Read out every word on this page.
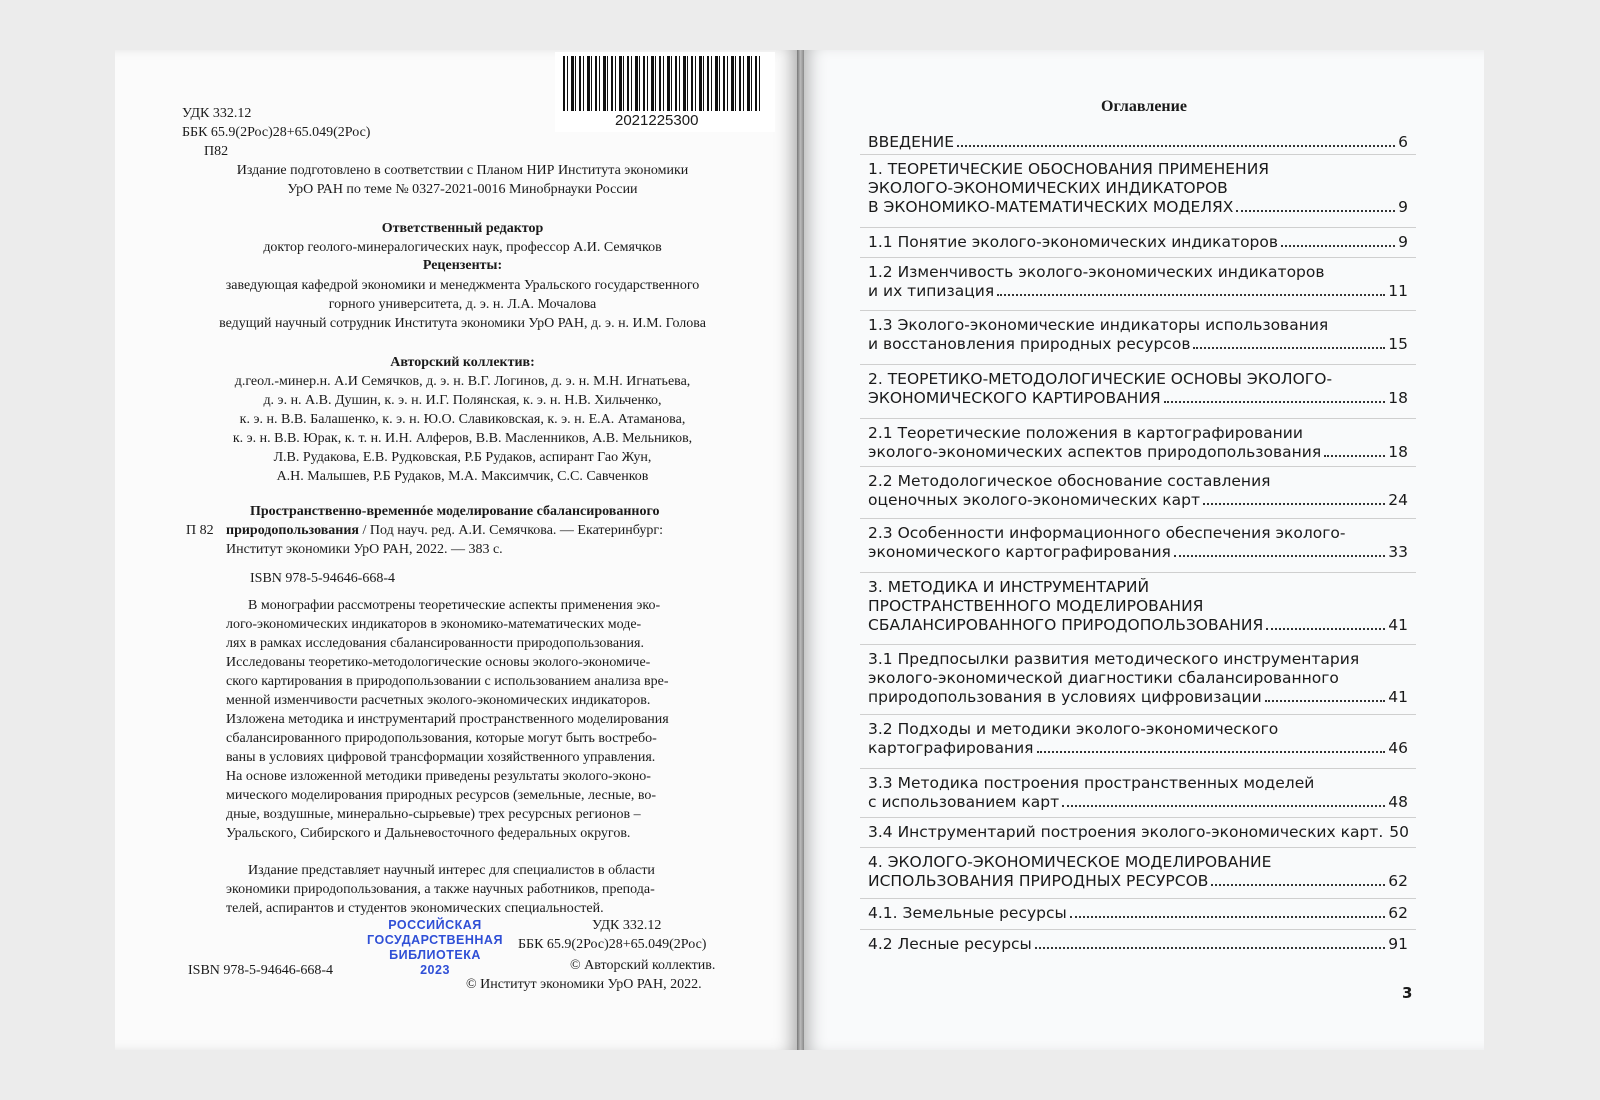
2021225300
УДК 332.12
ББК 65.9(2Рос)28+65.049(2Рос)
П82
Издание подготовлено в соответствии с Планом НИР Института экономики
УрО РАН по теме № 0327-2021-0016 Минобрнауки России
Ответственный редактор
доктор геолого-минералогических наук, профессор А.И. Семячков
Рецензенты:
заведующая кафедрой экономики и менеджмента Уральского государственного
горного университета, д. э. н. Л.А. Мочалова
ведущий научный сотрудник Института экономики УрО РАН, д. э. н. И.М. Голова
Авторский коллектив:
д.геол.-минер.н. А.И Семячков, д. э. н. В.Г. Логинов, д. э. н. М.Н. Игнатьева,
д. э. н. А.В. Душин, к. э. н. И.Г. Полянская, к. э. н. Н.В. Хильченко,
к. э. н. В.В. Балашенко, к. э. н. Ю.О. Славиковская, к. э. н. Е.А. Атаманова,
к. э. н. В.В. Юрак, к. т. н. И.Н. Алферов, В.В. Масленников, А.В. Мельников,
Л.В. Рудакова, Е.В. Рудковская, Р.Б Рудаков, аспирант Гао Жун,
А.Н. Малышев, Р.Б Рудаков, М.А. Максимчик, С.С. Савченков
Пространственно-временнóе моделирование сбалансированного
П 82 природопользования / Под науч. ред. А.И. Семячкова. — Екатеринбург:
Институт экономики УрО РАН, 2022. — 383 с.
ISBN 978-5-94646-668-4
В монографии рассмотрены теоретические аспекты применения эко-
лого-экономических индикаторов в экономико-математических моде-
лях в рамках исследования сбалансированности природопользования.
Исследованы теоретико-методологические основы эколого-экономиче-
ского картирования в природопользовании с использованием анализа вре-
менной изменчивости расчетных эколого-экономических индикаторов.
Изложена методика и инструментарий пространственного моделирования
сбалансированного природопользования, которые могут быть востребо-
ваны в условиях цифровой трансформации хозяйственного управления.
На основе изложенной методики приведены результаты эколого-эконо-
мического моделирования природных ресурсов (земельные, лесные, во-
дные, воздушные, минерально-сырьевые) трех ресурсных регионов –
Уральского, Сибирского и Дальневосточного федеральных округов.
Издание представляет научный интерес для специалистов в области
экономики природопользования, а также научных работников, препода-
телей, аспирантов и студентов экономических специальностей.
УДК 332.12
ББК 65.9(2Рос)28+65.049(2Рос)
ISBN 978-5-94646-668-4	© Авторский коллектив.
© Институт экономики УрО РАН, 2022.
РОССИЙСКАЯ
ГОСУДАРСТВЕННАЯ
БИБЛИОТЕКА
2023
Оглавление
ВВЕДЕНИЕ	6
1. ТЕОРЕТИЧЕСКИЕ ОБОСНОВАНИЯ ПРИМЕНЕНИЯ
ЭКОЛОГО-ЭКОНОМИЧЕСКИХ ИНДИКАТОРОВ
В ЭКОНОМИКО-МАТЕМАТИЧЕСКИХ МОДЕЛЯХ	9
1.1 Понятие эколого-экономических индикаторов	9
1.2 Изменчивость эколого-экономических индикаторов
и их типизация	11
1.3 Эколого-экономические индикаторы использования
и восстановления природных ресурсов	15
2. ТЕОРЕТИКО-МЕТОДОЛОГИЧЕСКИЕ ОСНОВЫ ЭКОЛОГО-
ЭКОНОМИЧЕСКОГО КАРТИРОВАНИЯ	18
2.1 Теоретические положения в картографировании
эколого-экономических аспектов природопользования	18
2.2 Методологическое обоснование составления
оценочных эколого-экономических карт	24
2.3 Особенности информационного обеспечения эколого-
экономического картографирования	33
3. МЕТОДИКА И ИНСТРУМЕНТАРИЙ
ПРОСТРАНСТВЕННОГО МОДЕЛИРОВАНИЯ
СБАЛАНСИРОВАННОГО ПРИРОДОПОЛЬЗОВАНИЯ	41
3.1 Предпосылки развития методического инструментария
эколого-экономической диагностики сбалансированного
природопользования в условиях цифровизации	41
3.2 Подходы и методики эколого-экономического
картографирования	46
3.3 Методика построения пространственных моделей
с использованием карт	48
3.4 Инструментарий построения эколого-экономических карт. 50
4. ЭКОЛОГО-ЭКОНОМИЧЕСКОЕ МОДЕЛИРОВАНИЕ
ИСПОЛЬЗОВАНИЯ ПРИРОДНЫХ РЕСУРСОВ	62
4.1. Земельные ресурсы	62
4.2 Лесные ресурсы	91
3
